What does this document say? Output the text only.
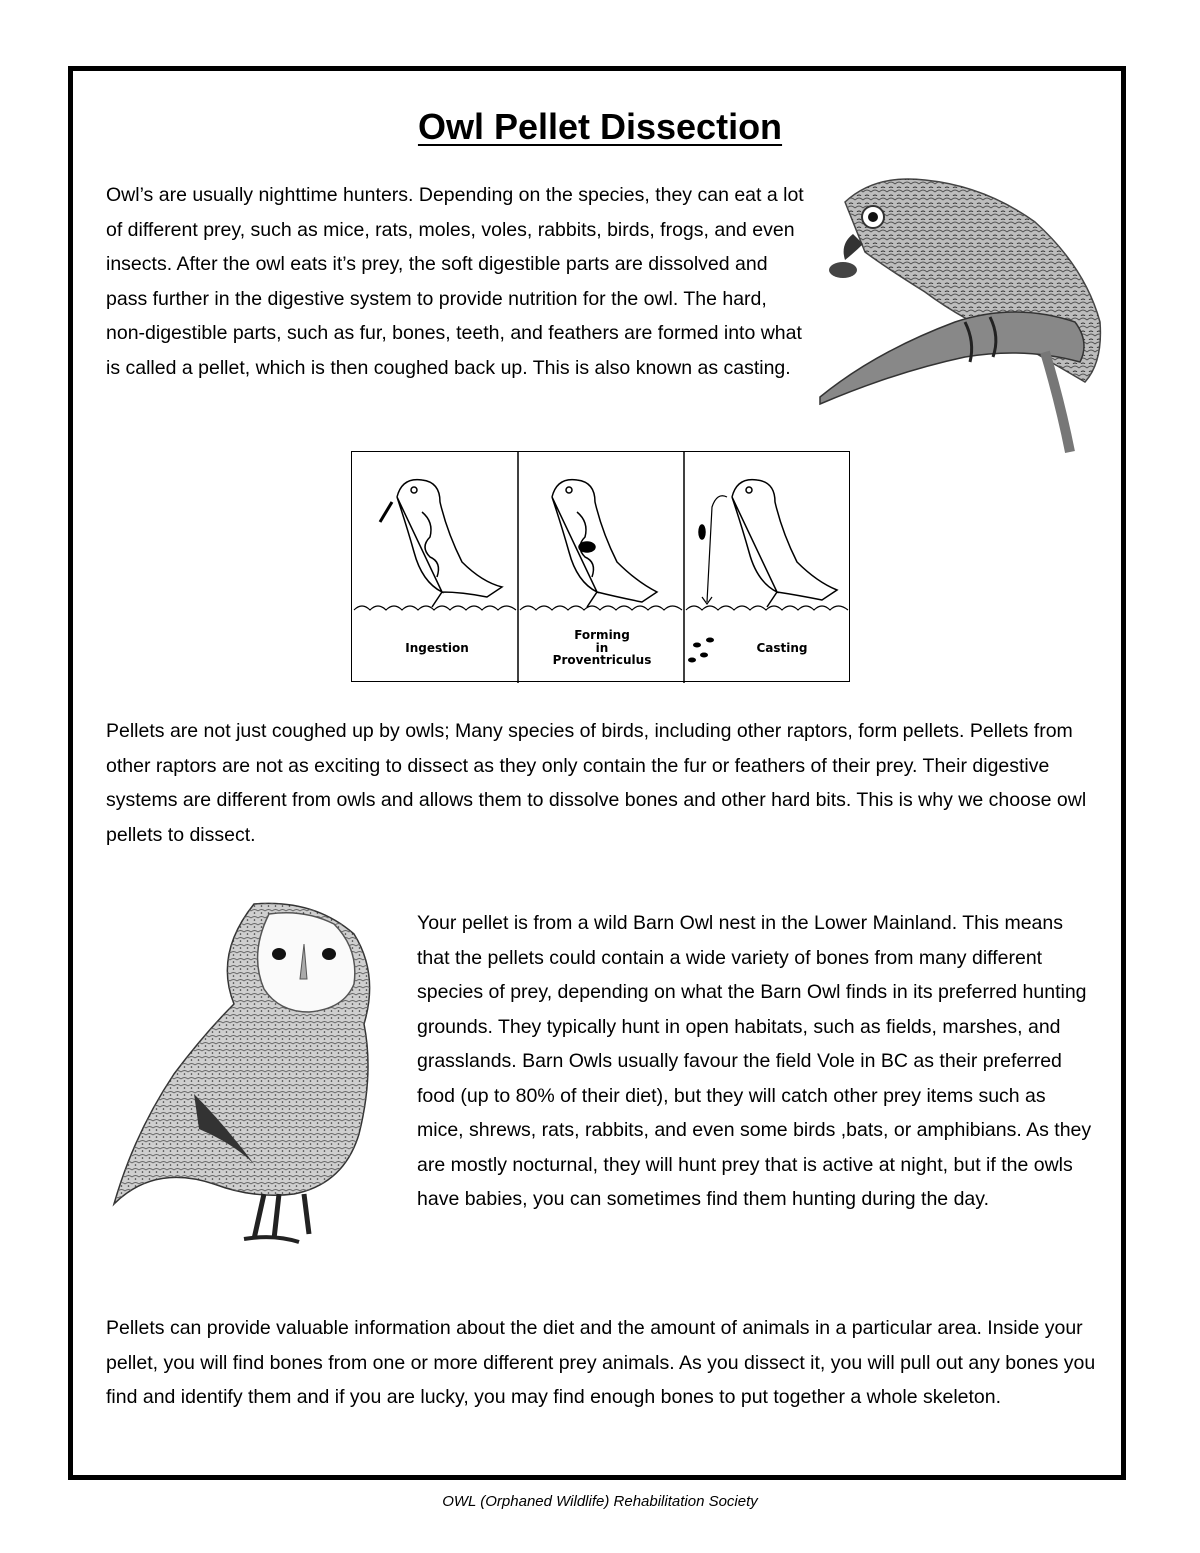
Owl Pellet Dissection

Owl’s are usually nighttime hunters. Depending on the species, they can eat a lot of different prey, such as mice, rats, moles, voles, rabbits, birds, frogs, and even insects. After the owl eats it’s prey, the soft digestible parts are dissolved and pass further in the digestive system to provide nutrition for the owl. The hard, non-digestible parts, such as fur, bones, teeth, and feathers are formed into what is called a pellet, which is then coughed back up. This is also known as casting.

Ingestion
Forming
in
Proventriculus
Casting

Pellets are not just coughed up by owls; Many species of birds, including other raptors, form pellets. Pellets from other raptors are not as exciting to dissect as they only contain the fur or feathers of their prey. Their digestive systems are different from owls and allows them to dissolve bones and other hard bits. This is why we choose owl pellets to dissect.

Your pellet is from a wild Barn Owl nest in the Lower Mainland. This means that the pellets could contain a wide variety of bones from many different species of prey, depending on what the Barn Owl finds in its preferred hunting grounds. They typically hunt in open habitats, such as fields, marshes, and grasslands. Barn Owls usually favour the field Vole in BC as their preferred food (up to 80% of their diet), but they will catch other prey items such as mice, shrews, rats, rabbits, and even some birds ,bats, or amphibians. As they are mostly nocturnal, they will hunt prey that is active at night, but if the owls have babies, you can sometimes find them hunting during the day.

Pellets can provide valuable information about the diet and the amount of animals in a particular area. Inside your pellet, you will find bones from one or more different prey animals. As you dissect it, you will pull out any bones you find and identify them and if you are lucky, you may find enough bones to put together a whole skeleton.

OWL (Orphaned Wildlife) Rehabilitation Society
